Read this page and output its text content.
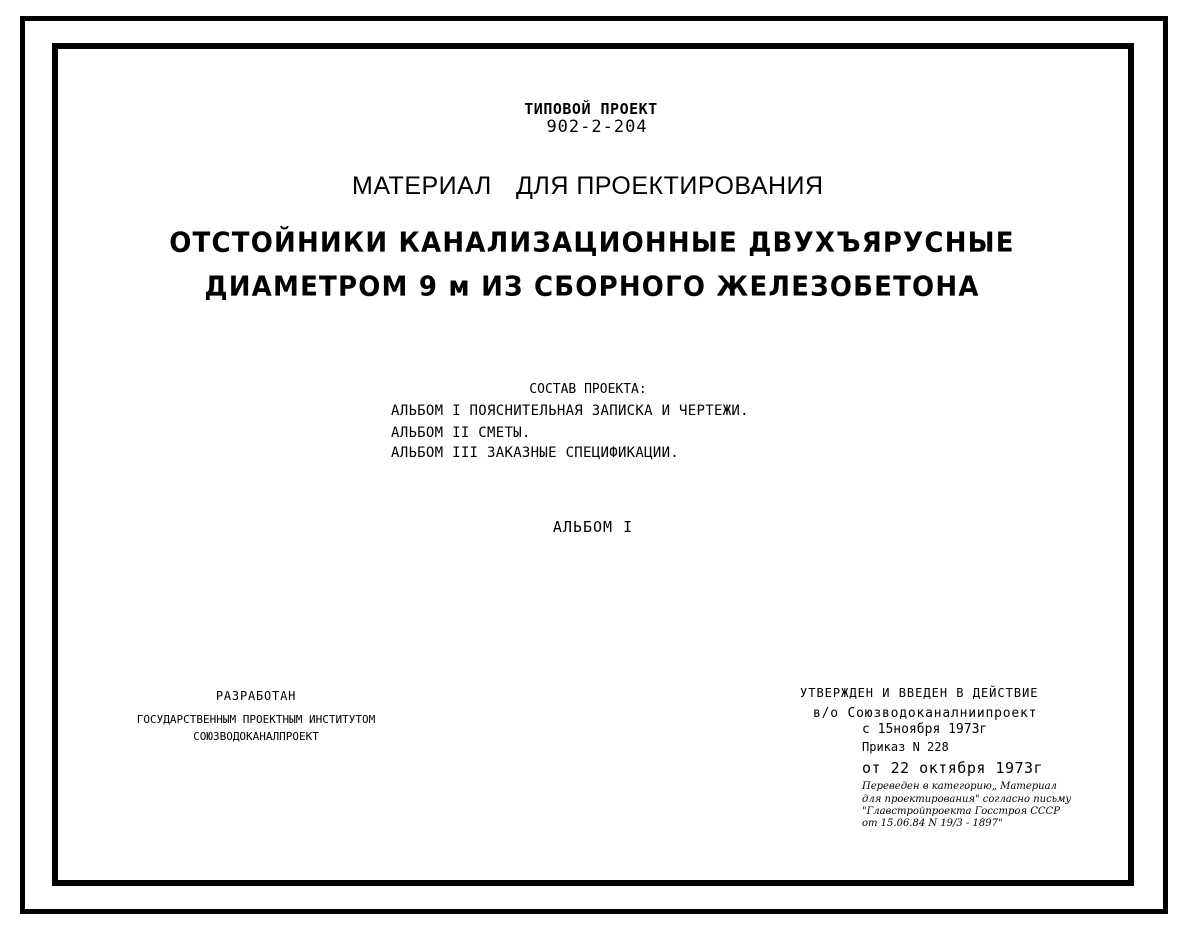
ТИПОВОЙ ПРОЕКТ
902-2-204
МАТЕРИАЛ ДЛЯ ПРОЕКТИРОВАНИЯ
ОТСТОЙНИКИ КАНАЛИЗАЦИОННЫЕ ДВУХЪЯРУСНЫЕ
ДИАМЕТРОМ 9 м ИЗ СБОРНОГО ЖЕЛЕЗОБЕТОНА
СОСТАВ ПРОЕКТА:
АЛЬБОМ I ПОЯСНИТЕЛЬНАЯ ЗАПИСКА И ЧЕРТЕЖИ.
АЛЬБОМ II СМЕТЫ.
АЛЬБОМ III ЗАКАЗНЫЕ СПЕЦИФИКАЦИИ.
АЛЬБОМ I
РАЗРАБОТАН
ГОСУДАРСТВЕННЫМ ПРОЕКТНЫМ ИНСТИТУТОМ
СОЮЗВОДОКАНАЛПРОЕКТ
УТВЕРЖДЕН И ВВЕДЕН В ДЕЙСТВИЕ
в/о Союзводоканалниипроект
с 15ноября 1973г
Приказ N 228
от 22 октября 1973г
Переведен в категорию„ Материал
для проектирования" согласно письму
"Главстройпроекта Госстроя СССР
от 15.06.84 N 19/3 - 1897"
